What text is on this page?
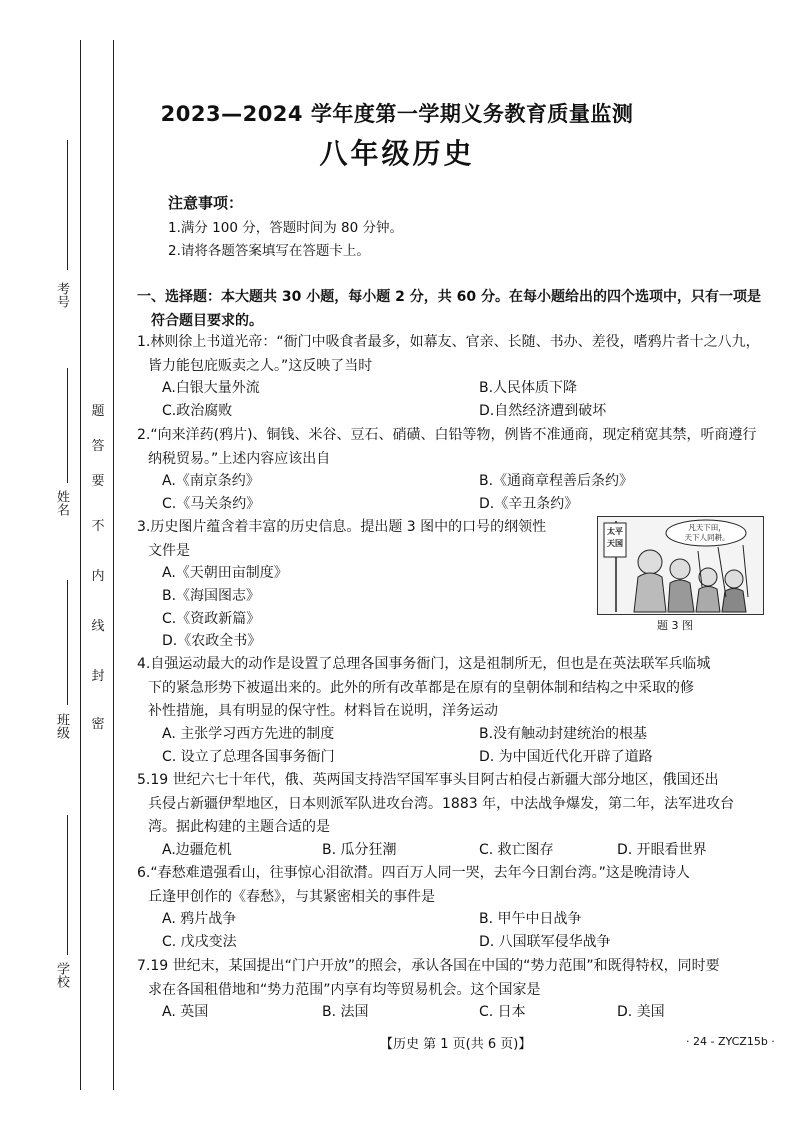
考号
姓名
班级
学校
题
答
要
不
内
线
封
密
2023—2024 学年度第一学期义务教育质量监测
八年级历史
注意事项：
1.满分 100 分，答题时间为 80 分钟。
2.请将各题答案填写在答题卡上。
一、选择题：本大题共 30 小题，每小题 2 分，共 60 分。在每小题给出的四个选项中，只有一项是
符合题目要求的。
1.林则徐上书道光帝：“衙门中吸食者最多，如幕友、官亲、长随、书办、差役，嗜鸦片者十之八九，
皆力能包庇贩卖之人。”这反映了当时
A.白银大量外流	B.人民体质下降
C.政治腐败	D.自然经济遭到破坏
2.“向来洋药(鸦片)、铜钱、米谷、豆石、硝磺、白铅等物，例皆不准通商，现定稍宽其禁，听商遵行
纳税贸易。”上述内容应该出自
A.《南京条约》	B.《通商章程善后条约》
C.《马关条约》	D.《辛丑条约》
3.历史图片蕴含着丰富的历史信息。提出题 3 图中的口号的纲领性
文件是
A.《天朝田亩制度》
B.《海国图志》
C.《资政新篇》
D.《农政全书》
太平
天国
凡天下田，
天下人同耕。
题 3 图
4.自强运动最大的动作是设置了总理各国事务衙门，这是祖制所无，但也是在英法联军兵临城
下的紧急形势下被逼出来的。此外的所有改革都是在原有的皇朝体制和结构之中采取的修
补性措施，具有明显的保守性。材料旨在说明，洋务运动
A. 主张学习西方先进的制度	B.没有触动封建统治的根基
C. 设立了总理各国事务衙门	D. 为中国近代化开辟了道路
5.19 世纪六七十年代，俄、英两国支持浩罕国军事头目阿古柏侵占新疆大部分地区，俄国还出
兵侵占新疆伊犁地区，日本则派军队进攻台湾。1883 年，中法战争爆发，第二年，法军进攻台
湾。据此构建的主题合适的是
A.边疆危机	B. 瓜分狂潮	C. 救亡图存	D. 开眼看世界
6.“春愁难遣强看山，往事惊心泪欲潸。四百万人同一哭，去年今日割台湾。”这是晚清诗人
丘逢甲创作的《春愁》，与其紧密相关的事件是
A. 鸦片战争	B. 甲午中日战争
C. 戊戌变法	D. 八国联军侵华战争
7.19 世纪末，某国提出“门户开放”的照会，承认各国在中国的“势力范围”和既得特权，同时要
求在各国租借地和“势力范围”内享有均等贸易机会。这个国家是
A. 英国	B. 法国	C. 日本	D. 美国
【历史 第 1 页(共 6 页)】	· 24 - ZYCZ15b ·
